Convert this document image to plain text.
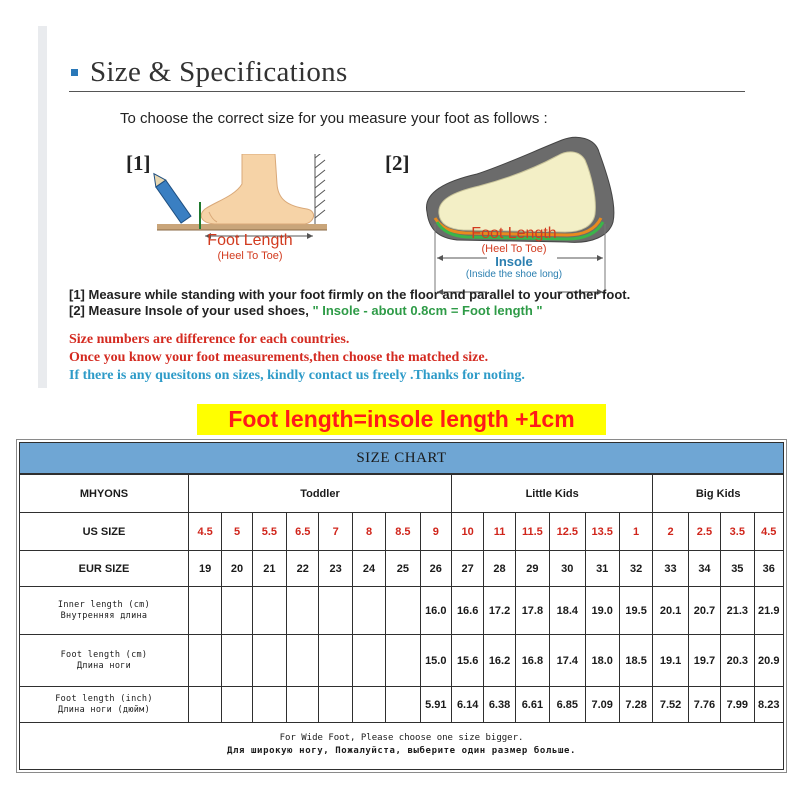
Size & Specifications
To choose the correct size for you measure your foot as follows :
[1]	[2]
Foot Length
(Heel To Toe)
Foot Length
(Heel To Toe)
Insole
(Inside the shoe long)
[1] Measure while standing with your foot firmly on the floor and parallel to your other foot.
[2] Measure Insole of your used shoes, " Insole - about 0.8cm = Foot length "
Size numbers are difference for each countries.
Once you know your foot measurements,then choose the matched size.
If there is any quesitons on sizes, kindly contact us freely .Thanks for noting.
Foot length=insole length +1cm
SIZE CHART
MHYONS	Toddler								Little Kids						Big Kids			
US SIZE	4.5	5	5.5	6.5	7	8	8.5	9	10	11	11.5	12.5	13.5	1	2	2.5	3.5	4.5
EUR SIZE	19	20	21	22	23	24	25	26	27	28	29	30	31	32	33	34	35	36

Inner length (cm)
Внутренняя длина								16.0	16.6	17.2	17.8	18.4	19.0	19.5	20.1	20.7	21.3	21.9

Foot length (cm)
Длина ноги								15.0	15.6	16.2	16.8	17.4	18.0	18.5	19.1	19.7	20.3	20.9

Foot length (inch)
Длина ноги (дюйм)								5.91	6.14	6.38	6.61	6.85	7.09	7.28	7.52	7.76	7.99	8.23
For Wide Foot, Please choose one size bigger.
Для широкую ногу, Пожалуйста, выберите один размер больше.
